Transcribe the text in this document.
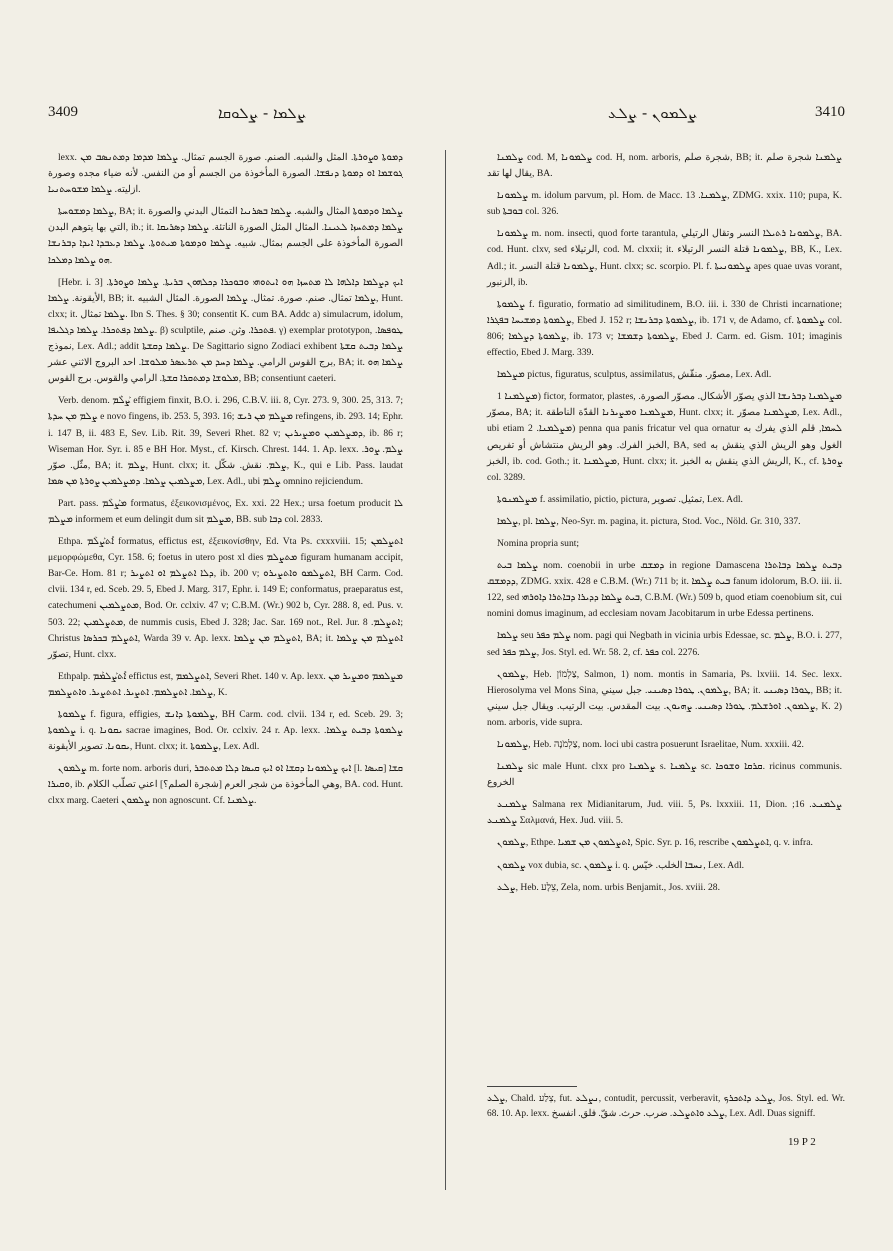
3409	ܨܠܡܐ - ܨܠܘܩܐ	ܨܠܡܘܢ - ܨܠܥ	3410

lexx. ܕܡܘܬܐ ܘܨܘܪܬܐ. المثل والشبه. الصنم. صورة الجسم تمثال. ܨܠܡܐ ܡܕܡܐ ܕܡܬܢܣܒ ܡܢ ܓܘܫܡܐ ܐܘ ܕܡܘܬܐ ܕܢܦܫܐ. الصورة المأخوذة من الجسم أو من النفس. لأنه ضياء مجده وصورة ازليته. ܨܠܡܐ ܡܫܘܚܬܢܝܐ.

ܨܠܡܐ ܕܡܫܘܚܬܐ, BA; it. ܨܠܡܐ ܘܕܡܘܬܐ المثال والشبه. ܨܠܡܐ ܒܣܪܢܝܐ التمثال البدني والصورة التي بها يتوهم البدن, ib.; it. ܨܠܡܐ ܕܡܬܚܙܐ ܠܥܝܢܐ. المثال المثل الصورة الناتئة. ܨܠܡܐ ܕܣܪܝܩܐ الصورة المأخوذة على الجسم بمثال. شبيه. ܨܠܡܐ ܘܕܡܘܬܐ ܡܝܬܘܬܐ. ܨܠܡܐ ܕܥܒܕܐ ܐܝܕܐ ܕܒܪܢܫܐ ܗܘ ܨܠܡܐ ܕܡܠܟܐ.

[Hebr. i. 3] ܐܝܟ ܕܨܠܡܐ ܕܐܠܗܐ ܠܐ ܡܬܚܙܐ ܗܘ ܐܝܬܘܗܝ ܘܒܘܟܪܐ ܕܟܠܗܘܢ ܒܪܝܬܐ. ܨܠܡܐ ܘܨܘܪܬܐ. الأيقونة. ܨܠܡܐ, BB; it. ܨܠܡܐ تمثال. صنم. صورة. تمثال. ܨܠܡܐ الصورة. المثال الشبيه, Hunt. clxx; it. ܨܠܡܐ تمثال. Ibn S. Thes. § 30; consentit K. cum BA. Addc a) simulacrum, idolum, ܨܠܡܐ ܕܦܬܟܪܐ. ܨܠܡܐ ܕܓܠܝܦܐ. β) sculptile, ܦܬܟܪܐ. وثن. صنم. γ) exemplar prototypon, ܛܘܦܣܐ. نموذج, Lex. Adl.; addit ܨܠܡܐ ܕܩܫܬܐ. De Sagittario signo Zodiaci exhibent ܨܠܡܐ ܕܒܝܬ ܩܫܬܐ برج القوس الرامي. ܨܠܡܐ ܕܚܕ ܡܢ ܬܪܥܣܪ ܡܠܘܫܐ. احد البروج الاثني عشر, BA; it. ܨܠܡܐ ܗܘ ܡܠܘܫܐ ܕܡܬܩܪܐ ܩܫܬܐ. الرامي والقوس. برج القوس, BB; consentiunt caeteri.

Verb. denom. ܨܰܠܶܡ effigiem finxit, B.O. i. 296, C.B.V. iii. 8, Cyr. 273. 9, 300. 25, 313. 7; ܨܠܡ ܡܢ ܚܕܬܐ e novo fingens, ib. 253. 5, 393. 16; ܡܨܠܡ ܡܢ ܪܝܫ refingens, ib. 293. 14; Ephr. i. 147 B, ii. 483 E, Sev. Lib. Rit. 39, Severi Rhet. 82 v; ܕܡܨܠܡܝܢ ܘܡܨܝܪܝܢ, ib. 86 r; Wiseman Hor. Syr. i. 85 e BH Hor. Myst., cf. Kirsch. Chrest. 144. 1. Ap. lexx. ܨܠܡ. ܨܘܪ. مثّل. صوّر, BA; it. ܨܠܡ, Hunt. clxx; it. ܨܠܡ. نقش. شكّل, K., qui e Lib. Pass. laudat ܡܨܠܡܝܢ ܨܠܡܐ. ܕܡܨܠܡܝܢ ܨܘܪܬܐ ܡܢ ܣܡܐ, Lex. Adl., ubi ܨܠܡ omnino rejiciendum.

Part. pass. ܡܨܰܠܰܡ formatus, ἐξεικονισμένος, Ex. xxi. 22 Hex.; ursa foetum producit ܠܐ ܡܨܠܡ informem et eum delingit dum sit ܡܨܠܡ, BB. sub ܕܒܐ col. 2833.

Ethpa. ܐܶܬܨܰܠܰܡ formatus, effictus est, ἐξεικονίσθην, Ed. Vta Ps. cxxxviii. 15; ܐܬܨܠܡܢ μεμορφώμεθα, Cyr. 158. 6; foetus in utero post xl dies ܡܬܨܠܡ figuram humanam accipit, Bar-Ce. Hom. 81 r; ܕܠܐ ܐܬܨܠܡ ܐܘ ܐܬܨܝܪ, ib. 200 v; ܐܬܨܠܡܘ ܘܐܬܨܝܪܘ, BH Carm. Cod. clvii. 134 r, ed. Sceb. 29. 5, Ebed J. Marg. 317, Ephr. i. 149 E; conformatus, praeparatus est, catechumeni ܡܬܨܠܡܝܢ, Bod. Or. cclxiv. 47 v; C.B.M. (Wr.) 902 b, Cyr. 288. 8, ed. Pus. v. 503. 22; ܡܬܨܠܡܝܢ, de nummis cusis, Ebed J. 328; Jac. Sar. 169 not., Rel. Jur. ܐܬܨܠܡ. 8; Christus ܐܬܨܠܡ ܒܟܪܣܐ, Warda 39 v. Ap. lexx. ܐܬܨܠܡ ܡܢ ܨܠܡܐ, BA; it. ܐܬܨܠܡ ܡܢ ܨܠܡܐ تصوّر, Hunt. clxx.

Ethpalp. ܐܶܬܨܰܠܡܰܡ effictus est, ܐܬܨܠܡܡ, Severi Rhet. 140 v. Ap. lexx. ܡܨܠܡܡ ܘܡܨܝܪ ܡܢ ܨܠܡܐ. ܐܬܨܠܡܡ. ܐܬܨܝܪ. ܐܬܬܨܝܪ. ܘܐܬܨܠܡܡ, K.

ܨܠܡܘܬܐ f. figura, effigies, ܨܠܡܘܬܐ ܕܐܢܫ, BH Carm. cod. clvii. 134 r, ed. Sceb. 29. 3; ܨܠܡܘܬܐ i. q. ܝܩܘܢܐ sacrae imagines, Bod. Or. cclxiv. 24 r. Ap. lexx. ܨܠܡܘܬܐ ܕܒܝܬ ܨܠܡܐ. ܝܩܘܢܐ. تصوير الأيقونة, Hunt. clxx; it. ܨܠܡܘܬܐ, Lex. Adl.

ܨܠܡܘܢ m. forte nom. arboris duri, ܐܝܟ ܨܠܡܘܢܐ ܕܩܫܐ ܐܘ ܐܝܟ ܩܝܣܐ ܕܠܐ ܡܬܬܒܪ [l. ܩܝܣܐ] ܩܫܐ ܘܩܝܪܐ, ib. وهي المأخوذة من شجر العرم [شجرة الصلم؟] اعني تصلّب الكلام, BA. cod. Hunt. clxx marg. Caeteri ܨܠܡܘܢ non agnoscunt. Cf. ܨܠܡܢܐ.

ܨܠܡܢܐ cod. M, ܨܠܡܘܢܐ cod. H, nom. arboris, شجرة صلم, BB; it. ܨܠܡܢܐ شجرة صلم يقال لها تقد, BA.

ܨܠܡܘܢܐ m. idolum parvum, pl. Hom. de Macc. ܨܠܡܢܐ. 13, ZDMG. xxix. 110; pupa, K. sub ܒܘܒܬܐ col. 326.

ܨܠܡܘܢܐ m. nom. insecti, quod forte tarantula, ܨܠܡܘܢܐ ܪܬܝܠܐ النسر وتقال الرتيلي, BA. cod. Hunt. clxv, sed الرتيلاء, cod. M. clxxii; it. ܨܠܡܘܢܐ قتلة النسر الرتيلاء, BB, K., Lex. Adl.; it. ܨܠܡܘܢܐ قتلة النسر, Hunt. clxx; sc. scorpio. Pl. f. ܨܠܡܘܢܝܬܐ apes quae uvas vorant, الزنبور, ib.

ܨܠܡܘܬܐ f. figuratio, formatio ad similitudinem, B.O. iii. i. 330 de Christi incarnatione; ܨܠܡܘܬܐ ܕܡܫܝܚܐ ܒܦܓܪܐ, Ebed J. 152 r; ܨܠܡܘܬܐ ܕܒܪܢܫܐ, ib. 171 v, de Adamo, cf. ܨܠܡܘܬܐ col. 806; ܨܠܡܘܬܐ ܕܨܠܡܐ, ib. 173 v; ܨܠܡܘܬܐ ܕܫܡܫܐ, Ebed J. Carm. ed. Gism. 101; imaginis effectio, Ebed J. Marg. 339.

ܡܨܠܡܐ pictus, figuratus, sculptus, assimilatus, مصوّر. منقّش, Lex. Adl.

ܡܨܠܡܢܐ 1) fictor, formator, plastes, ܡܨܠܡܢܐ ܕܒܪܢܫܐ الذي يصوّر الأشكال. مصوّر الصورة. مصوّر, BA; it. ܡܨܠܡܢܐ ܘܡܨܝܪܢܐ القدّة الناطقة, Hunt. clxx; it. ܡܨܠܡܢܐ مصوّر, Lex. Adl., ubi etiam ܡܨܠܡܢܐ. 2) penna qua panis fricatur vel qua ornatur ܠܚܡܐ, قلم الذي يفرك به الخبز الفرك. وهو الريش منتشاش أو تفريص, BA, sed الغول وهو الريش الذي ينقش به الخبز, ib. cod. Goth.; it. ܡܨܠܡܢܐ, Hunt. clxx; it. الريش الذي ينقش به الخبز, K., cf. ܨܘܪܬܐ col. 3289.

ܡܨܠܡܢܘܬܐ f. assimilatio, pictio, pictura, تمثيل. تصوير, Lex. Adl.

ܨܠܡܐ, pl. ܨܠܡܐ, Neo-Syr. m. pagina, it. pictura, Stod. Voc., Nöld. Gr. 310, 337.

Nomina propria sunt;

ܨܠܡܐ ܒܝܬ nom. coenobii in urbe ܕܡܫܩ in regione Damascena ܕܒܝܬ ܨܠܡܐ ܕܒܐܬܪܐ ܕܕܡܫܩ, ZDMG. xxix. 428 e C.B.M. (Wr.) 711 b; it. ܒܝܬ ܨܠܡܐ fanum idolorum, B.O. iii. ii. 122, sed ܒܝܬ ܨܠܡܐ ܕܕܝܪܐ ܕܒܐܬܪܐ ܕܐܘܪܗܝ, C.B.M. (Wr.) 509 b, quod etiam coenobium sit, cui nomini domus imaginum, ad ecclesiam novam Jacobitarum in urbe Edessa pertinens.

ܨܠܡܐ seu ܨܠܡ ܟܦܪ nom. pagi qui Negbath in vicinia urbis Edessae, sc. ܨܠܡ, B.O. i. 277, sed ܨܠܡ ܟܦܪ, Jos. Styl. ed. Wr. 58. 2, cf. ܟܦܪ col. 2276.

ܨܠܡܘܢ, Heb. צַלְמוֹן, Salmon, 1) nom. montis in Samaria, Ps. lxviii. 14. Sec. lexx. Hierosolyma vel Mons Sina, ܨܠܡܘܢ. ܛܘܪܐ ܕܣܝܢܝ. جبل سيني, BA; it. ܛܘܪܐ ܕܣܝܢܝ, BB; it. ܨܠܡܘܢ. ܐܘܪܫܠܡ. ܛܘܪܐ ܕܣܝܢܝ. ܨܗܝܘܢ. بيت المقدس. بيت الرتيب. ويقال جبل سيني, K. 2) nom. arboris, vide supra.

ܨܠܡܘܢܐ, Heb. צַלְמֹנָה, nom. loci ubi castra posuerunt Israelitae, Num. xxxiii. 42.

ܨܠܡܢܐ sic male Hunt. clxx pro ܨܠܡܢܐ s. ܨܠܡܢܐ sc. ܩܪܩܐ ܘܫܘܟܐ. ricinus communis. الخروع

ܨܠܡܢܥ Salmana rex Midianitarum, Jud. viii. 5, Ps. lxxxiii. 11, Dion. ܨܠܡܢܥ. 16; ܨܠܡܢܥ Σαλμανά, Hex. Jud. viii. 5.

ܨܠܡܘܢ, Ethpe. ܐܬܨܠܡܘܢ ܡܢ ܫܡܝܐ, Spic. Syr. p. 16, rescribe ܐܬܨܠܡܘܢ, q. v. infra.

ܨܠܡܘܢ vox dubia, sc. ܨܠܡܘܢ i. q. ܢܚܒܐ الخلب. خيّس, Lex. Adl.

ܨܠܥ, Heb. צֵלָע, Zela, nom. urbis Benjamit., Jos. xviii. 28.

ܨܠܥ, Chald. צְלַע, fut. ܢܨܠܥ, contudit, percussit, verberavit, ܨܠܥ ܕܐܬܟܪܟ, Jos. Styl. ed. Wr. 68. 10. Ap. lexx. ܨܠܥ ܘܐܬܨܠܥ. ضرب. حرث. شقّ. فلق. انفسخ, Lex. Adl. Duas signiff.
19 P 2
